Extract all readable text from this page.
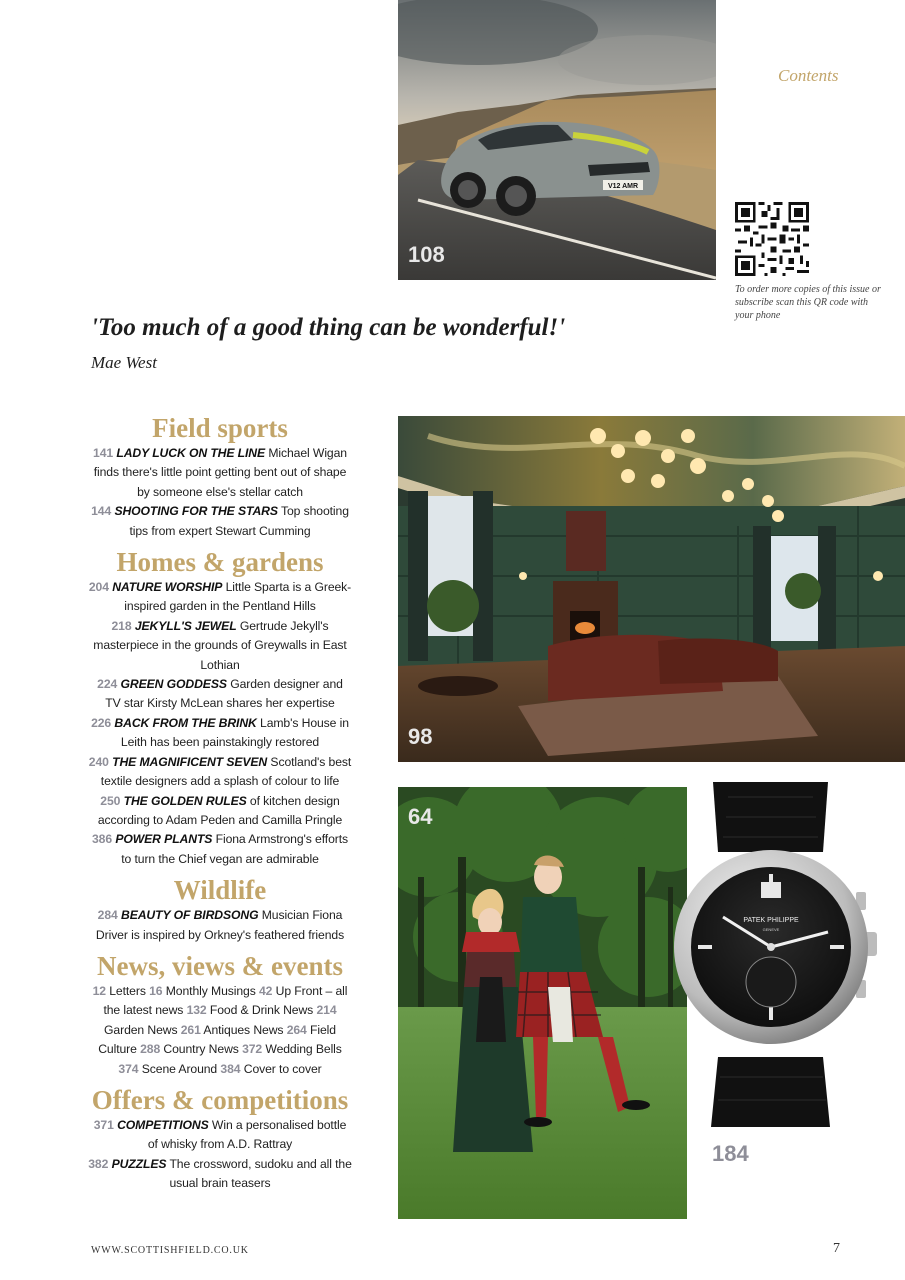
V12 AMR
108
Contents
To order more copies of this issue or subscribe scan this QR code with your phone
'Too much of a good thing can be wonderful!'
Mae West
Field sports

141 LADY LUCK ON THE LINE Michael Wigan finds there's little point getting bent out of shape by someone else's stellar catch
144 SHOOTING FOR THE STARS Top shooting tips from expert Stewart Cumming

Homes & gardens

204 NATURE WORSHIP Little Sparta is a Greek-inspired garden in the Pentland Hills
218 JEKYLL'S JEWEL Gertrude Jekyll's masterpiece in the grounds of Greywalls in East Lothian
224 GREEN GODDESS Garden designer and TV star Kirsty McLean shares her expertise
226 BACK FROM THE BRINK Lamb's House in Leith has been painstakingly restored
240 THE MAGNIFICENT SEVEN Scotland's best textile designers add a splash of colour to life
250 THE GOLDEN RULES of kitchen design according to Adam Peden and Camilla Pringle
386 POWER PLANTS Fiona Armstrong's efforts to turn the Chief vegan are admirable

Wildlife

284 BEAUTY OF BIRDSONG Musician Fiona Driver is inspired by Orkney's feathered friends

News, views & events

12 Letters 16 Monthly Musings 42 Up Front – all the latest news 132 Food & Drink News 214 Garden News 261 Antiques News 264 Field Culture 288 Country News 372 Wedding Bells 374 Scene Around 384 Cover to cover

Offers & competitions

371 COMPETITIONS Win a personalised bottle of whisky from A.D. Rattray
382 PUZZLES The crossword, sudoku and all the usual brain teasers

98
64
PATEK PHILIPPE
GENEVE
184
WWW.SCOTTISHFIELD.CO.UK	7
